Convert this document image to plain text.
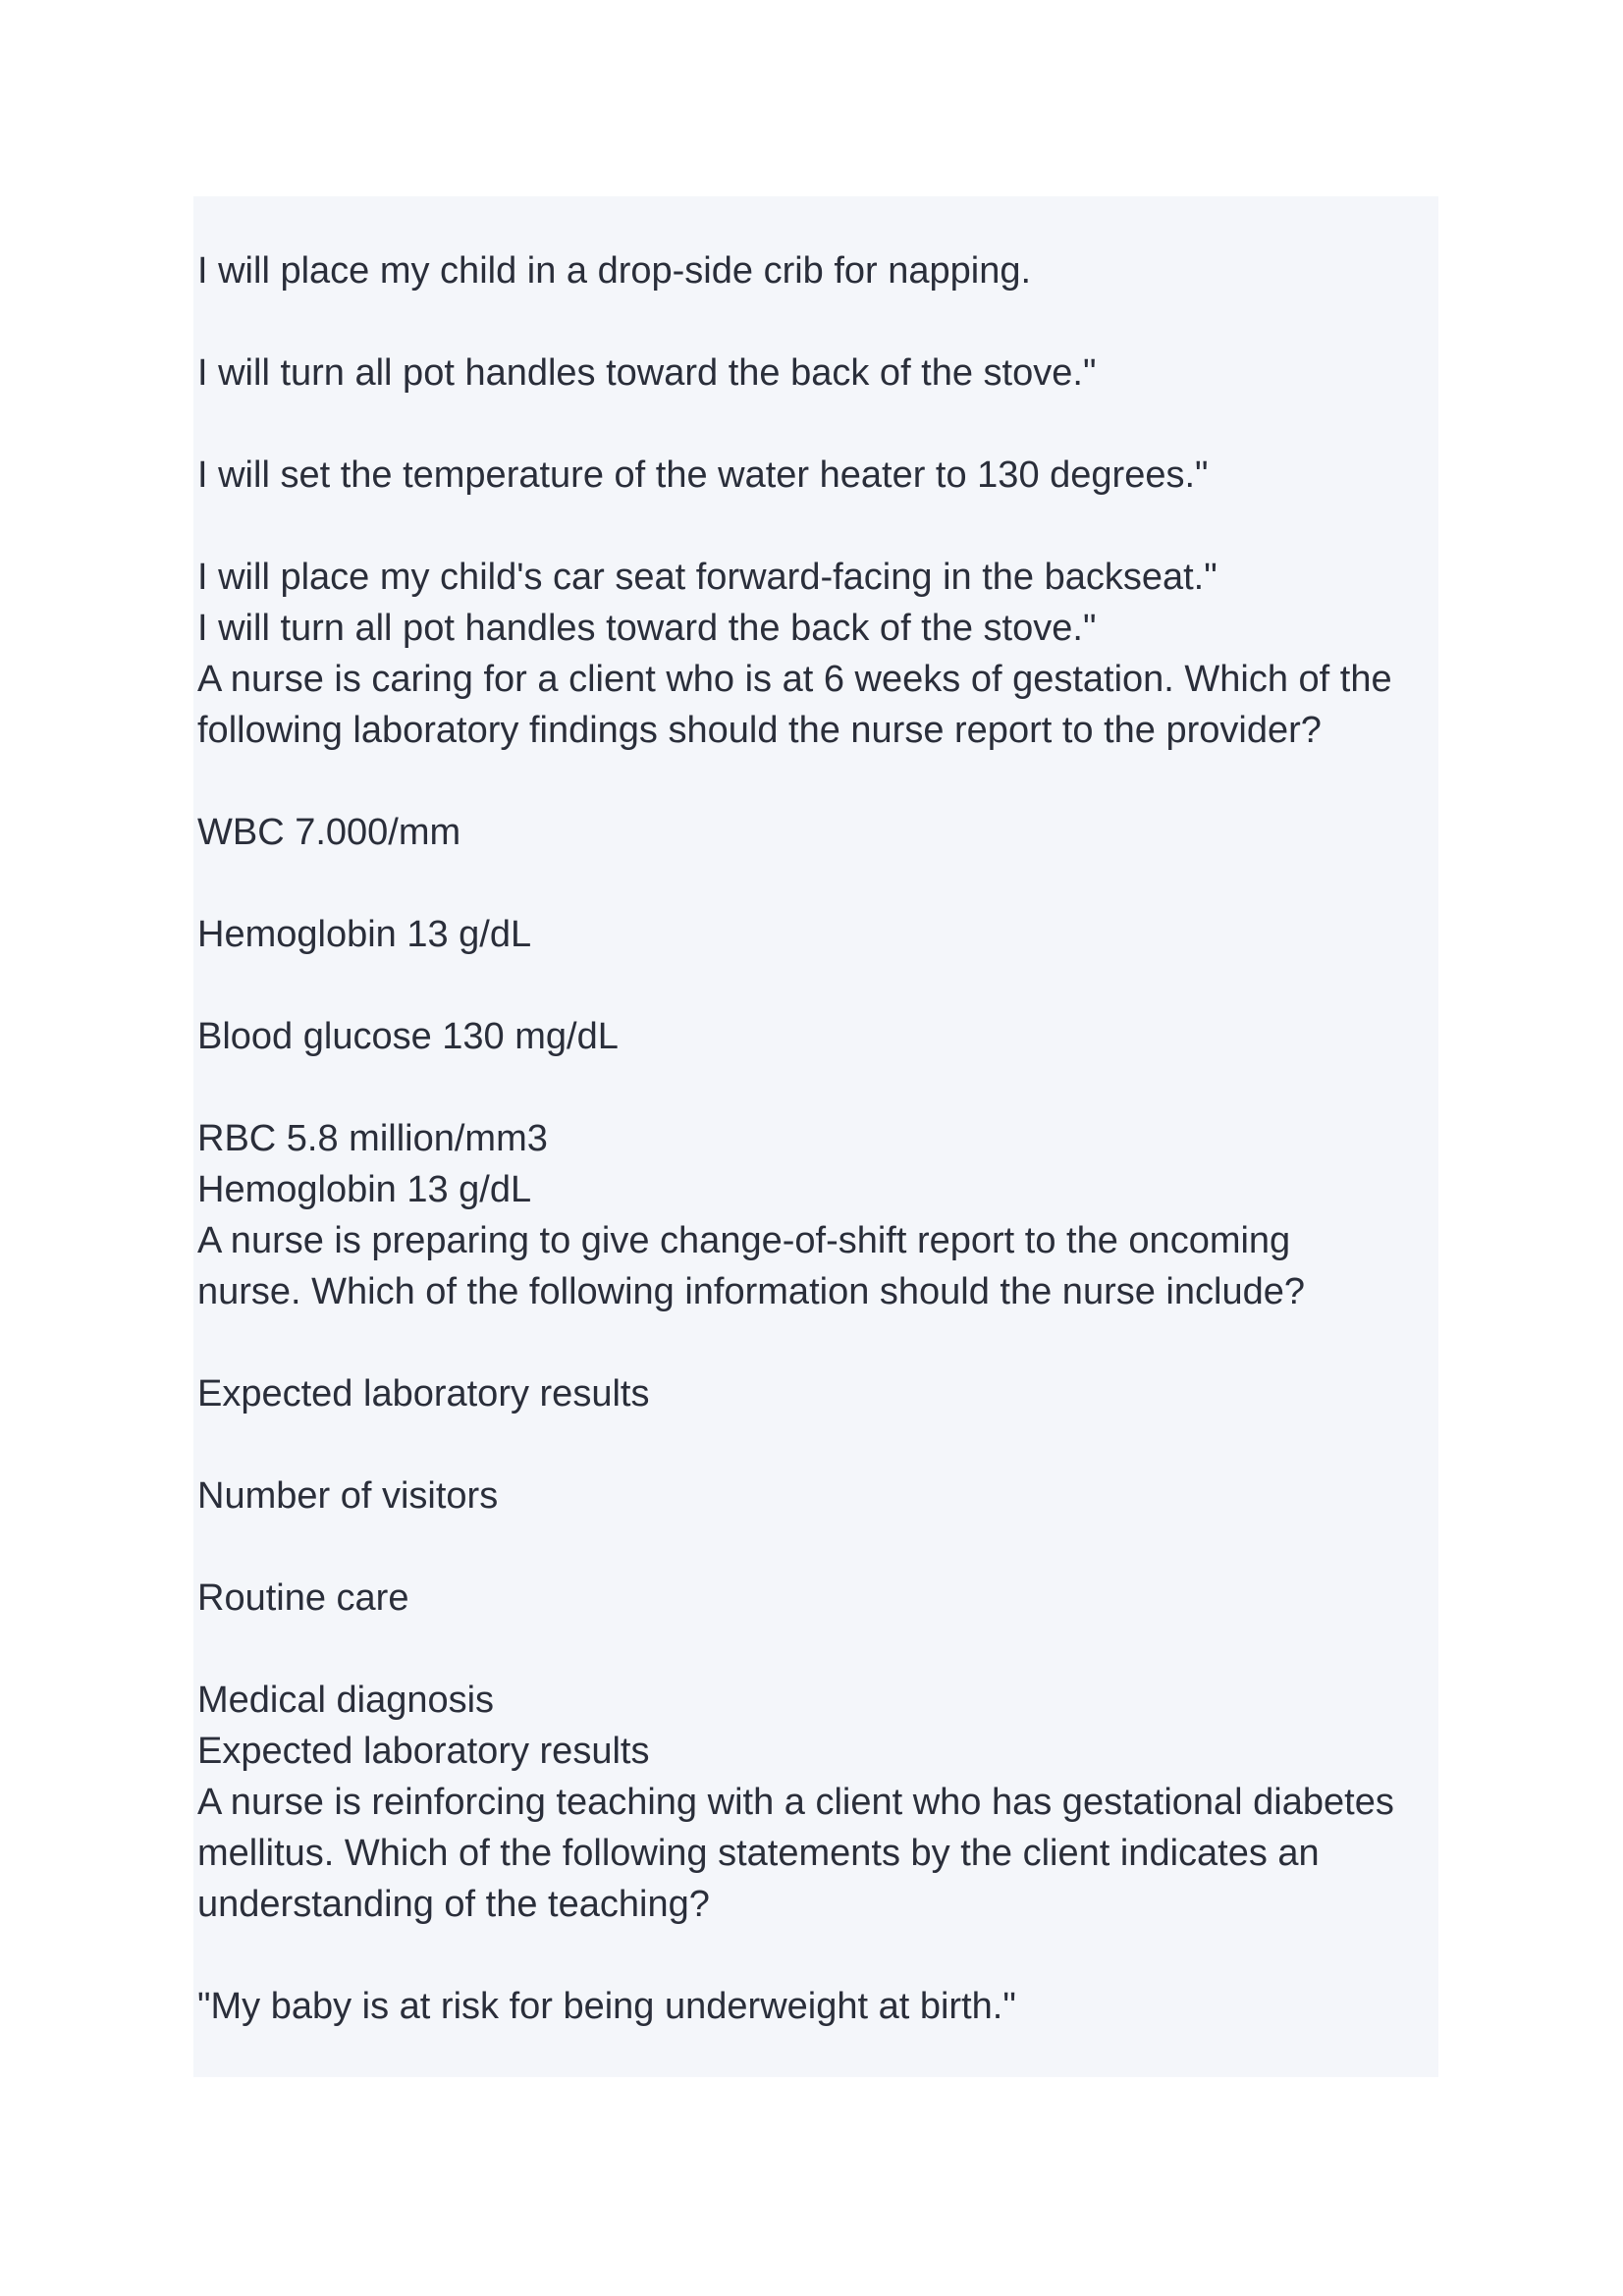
I will place my child in a drop-side crib for napping.

I will turn all pot handles toward the back of the stove."

I will set the temperature of the water heater to 130 degrees."

I will place my child's car seat forward-facing in the backseat."

I will turn all pot handles toward the back of the stove."

A nurse is caring for a client who is at 6 weeks of gestation. Which of the

following laboratory findings should the nurse report to the provider?

WBC 7.000/mm

Hemoglobin 13 g/dL

Blood glucose 130 mg/dL

RBC 5.8 million/mm3

Hemoglobin 13 g/dL

A nurse is preparing to give change-of-shift report to the oncoming

nurse. Which of the following information should the nurse include?

Expected laboratory results

Number of visitors

Routine care

Medical diagnosis

Expected laboratory results

A nurse is reinforcing teaching with a client who has gestational diabetes

mellitus. Which of the following statements by the client indicates an

understanding of the teaching?

"My baby is at risk for being underweight at birth."
